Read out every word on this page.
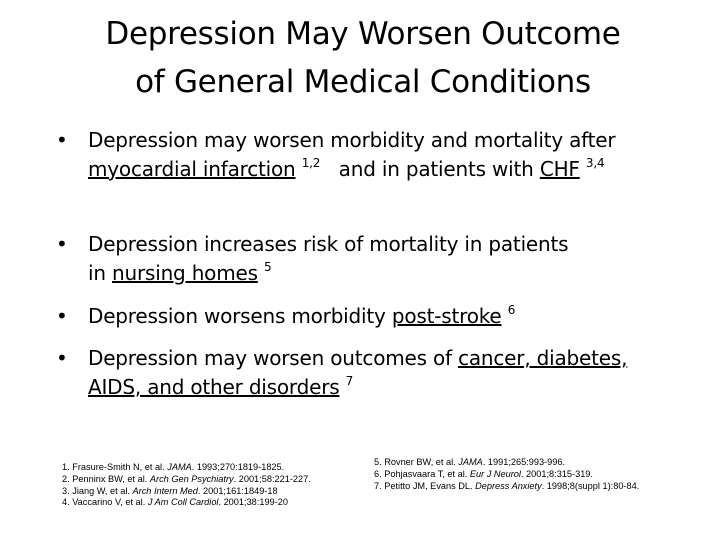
Depression May Worsen Outcome
of General Medical Conditions
• Depression may worsen morbidity and mortality after
myocardial infarction $^{1,2}$ and in patients with CHF $^{3,4}$
• Depression increases risk of mortality in patients
in nursing homes $^5$
• Depression worsens morbidity post-stroke $^6$
• Depression may worsen outcomes of cancer, diabetes,
AIDS, and other disorders $^7$
1. Frasure-Smith N, et al. JAMA. 1993;270:1819-1825.
2. Penninx BW, et al. Arch Gen Psychiatry. 2001;58:221-227.
3. Jiang W, et al. Arch Intern Med. 2001;161:1849-18
4. Vaccarino V, et al. J Am Coll Cardiol. 2001;38:199-20
5. Rovner BW, et al. JAMA. 1991;265:993-996.
6. Pohjasvaara T, et al. Eur J Neurol. 2001;8:315-319.
7. Petitto JM, Evans DL. Depress Anxiety. 1998;8(suppl 1):80-84.
